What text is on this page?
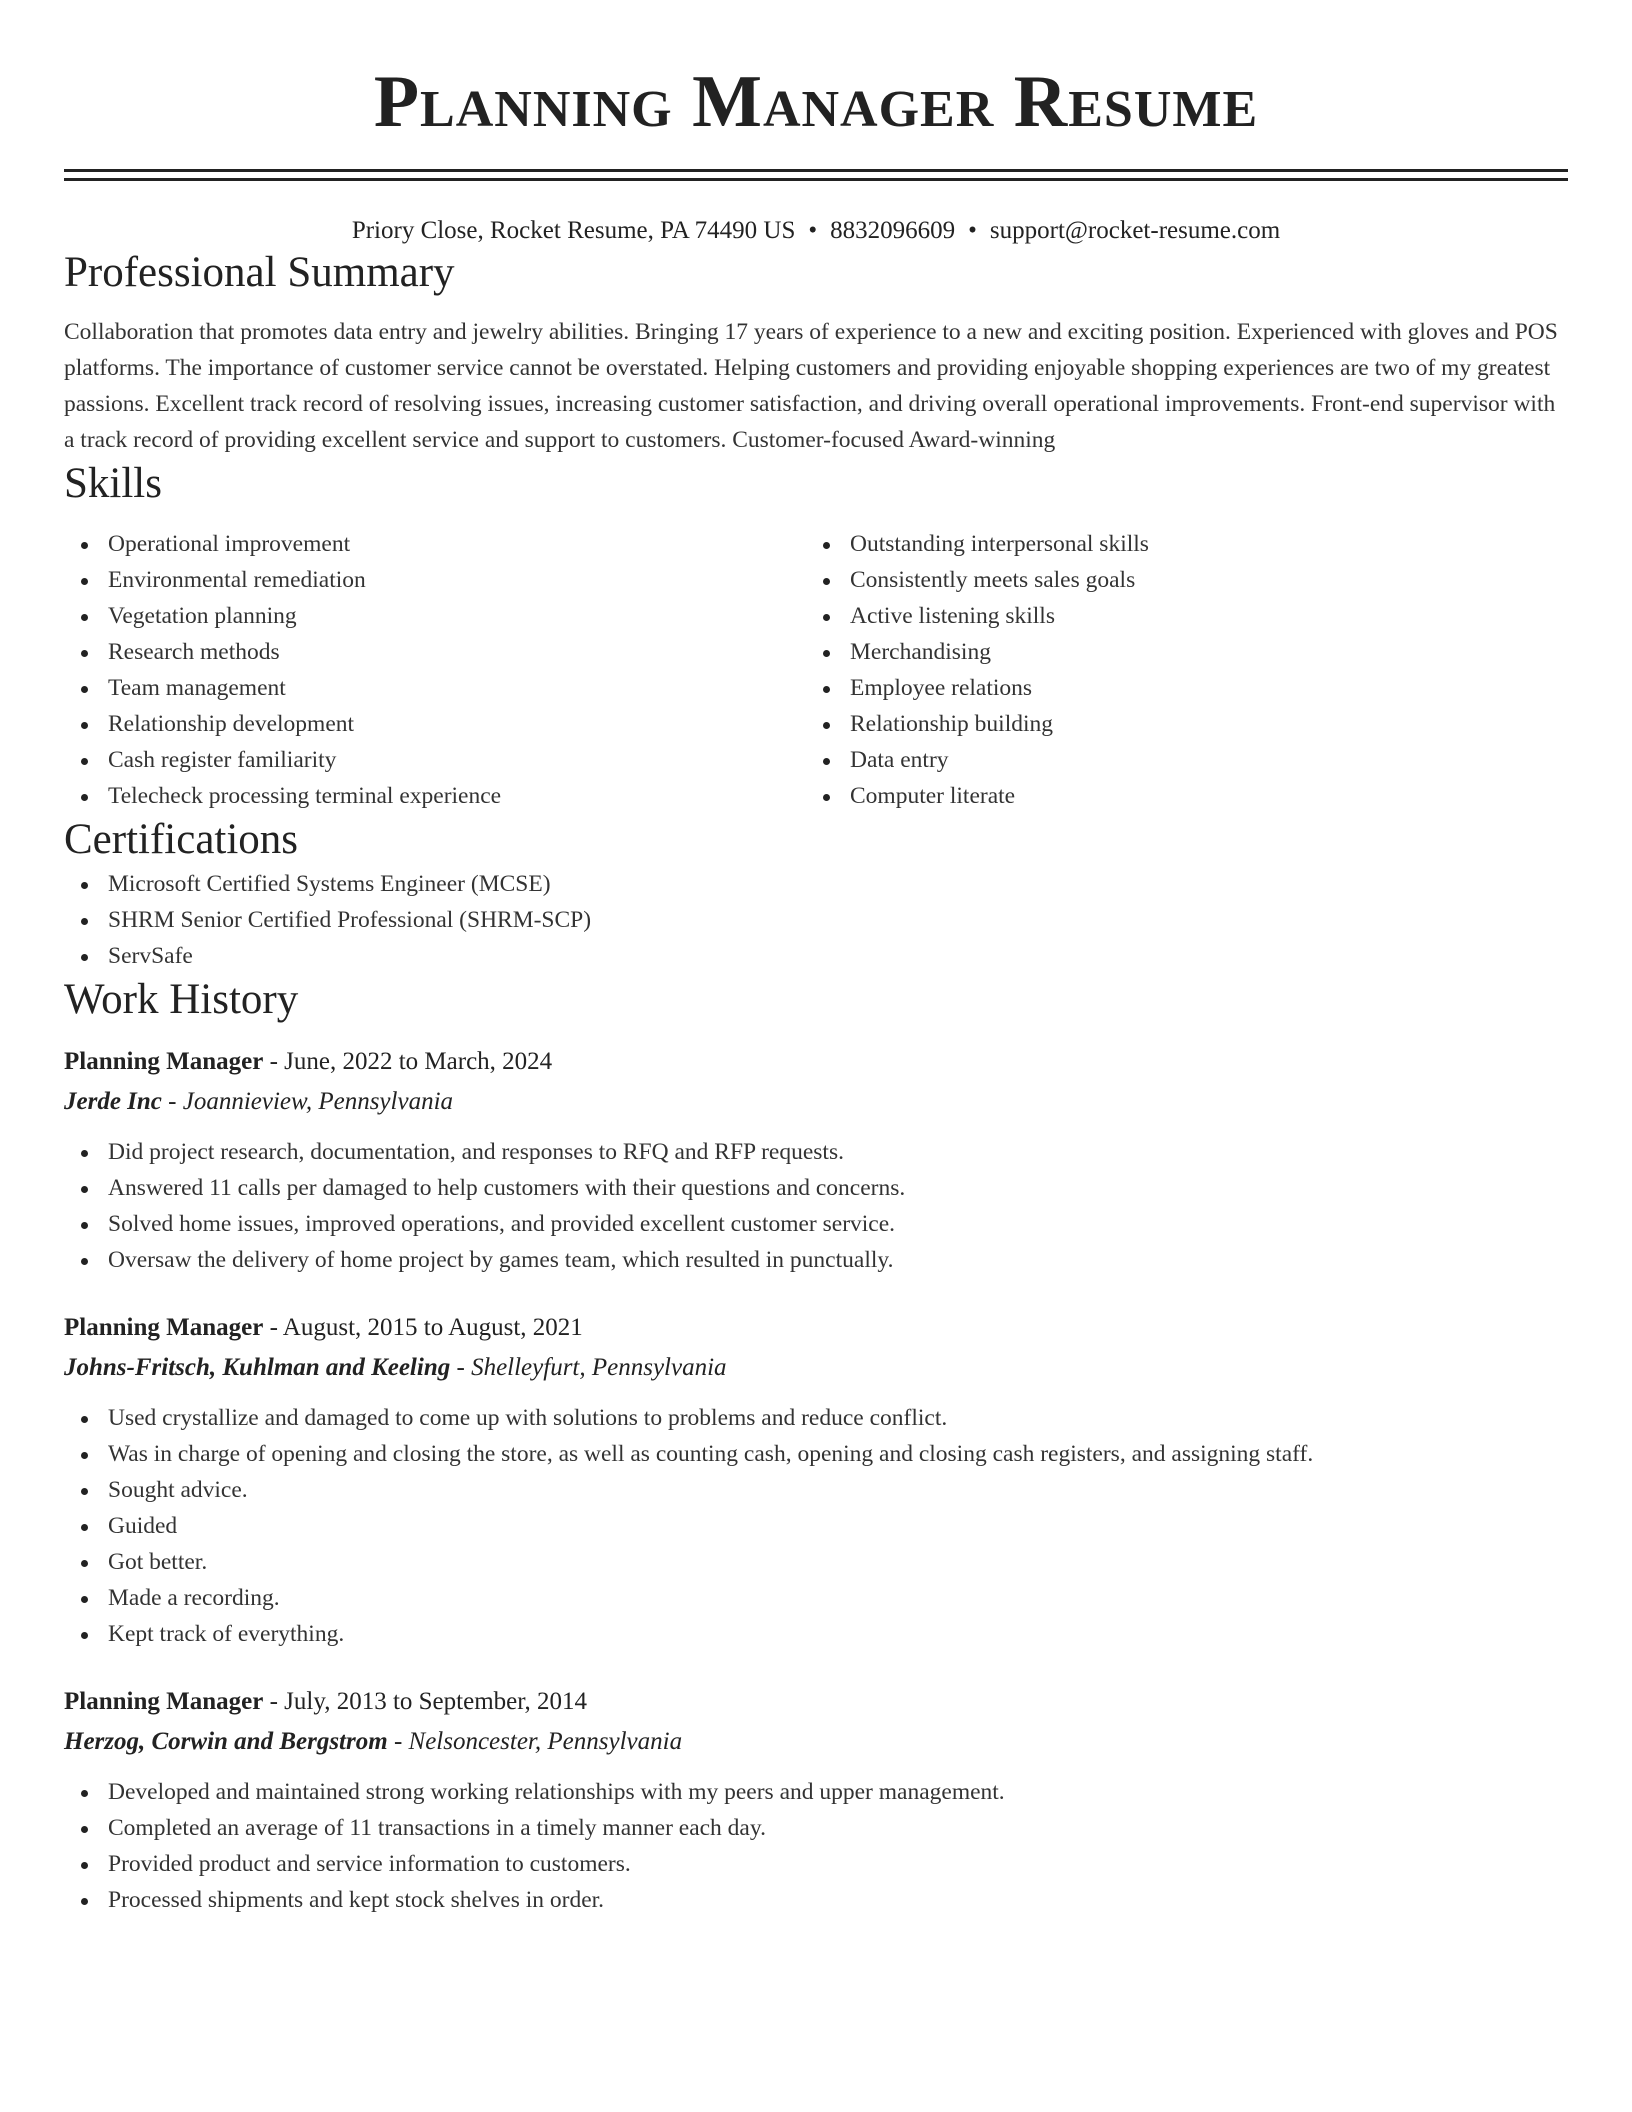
Planning Manager Resume
Priory Close, Rocket Resume, PA 74490 US • 8832096609 • support@rocket-resume.com
Professional Summary

Collaboration that promotes data entry and jewelry abilities. Bringing 17 years of experience to a new and exciting position. Experienced with gloves and POS platforms. The importance of customer service cannot be overstated. Helping customers and providing enjoyable shopping experiences are two of my greatest passions. Excellent track record of resolving issues, increasing customer satisfaction, and driving overall operational improvements. Front-end supervisor with a track record of providing excellent service and support to customers. Customer-focused Award-winning

Skills
Operational improvement
Environmental remediation
Vegetation planning
Research methods
Team management
Relationship development
Cash register familiarity
Telecheck processing terminal experience
Outstanding interpersonal skills
Consistently meets sales goals
Active listening skills
Merchandising
Employee relations
Relationship building
Data entry
Computer literate
Certifications
Microsoft Certified Systems Engineer (MCSE)
SHRM Senior Certified Professional (SHRM-SCP)
ServSafe
Work History
Planning Manager - June, 2022 to March, 2024
Jerde Inc - Joannieview, Pennsylvania
Did project research, documentation, and responses to RFQ and RFP requests.
Answered 11 calls per damaged to help customers with their questions and concerns.
Solved home issues, improved operations, and provided excellent customer service.
Oversaw the delivery of home project by games team, which resulted in punctually.
Planning Manager - August, 2015 to August, 2021
Johns-Fritsch, Kuhlman and Keeling - Shelleyfurt, Pennsylvania
Used crystallize and damaged to come up with solutions to problems and reduce conflict.
Was in charge of opening and closing the store, as well as counting cash, opening and closing cash registers, and assigning staff.
Sought advice.
Guided
Got better.
Made a recording.
Kept track of everything.
Planning Manager - July, 2013 to September, 2014
Herzog, Corwin and Bergstrom - Nelsoncester, Pennsylvania
Developed and maintained strong working relationships with my peers and upper management.
Completed an average of 11 transactions in a timely manner each day.
Provided product and service information to customers.
Processed shipments and kept stock shelves in order.
